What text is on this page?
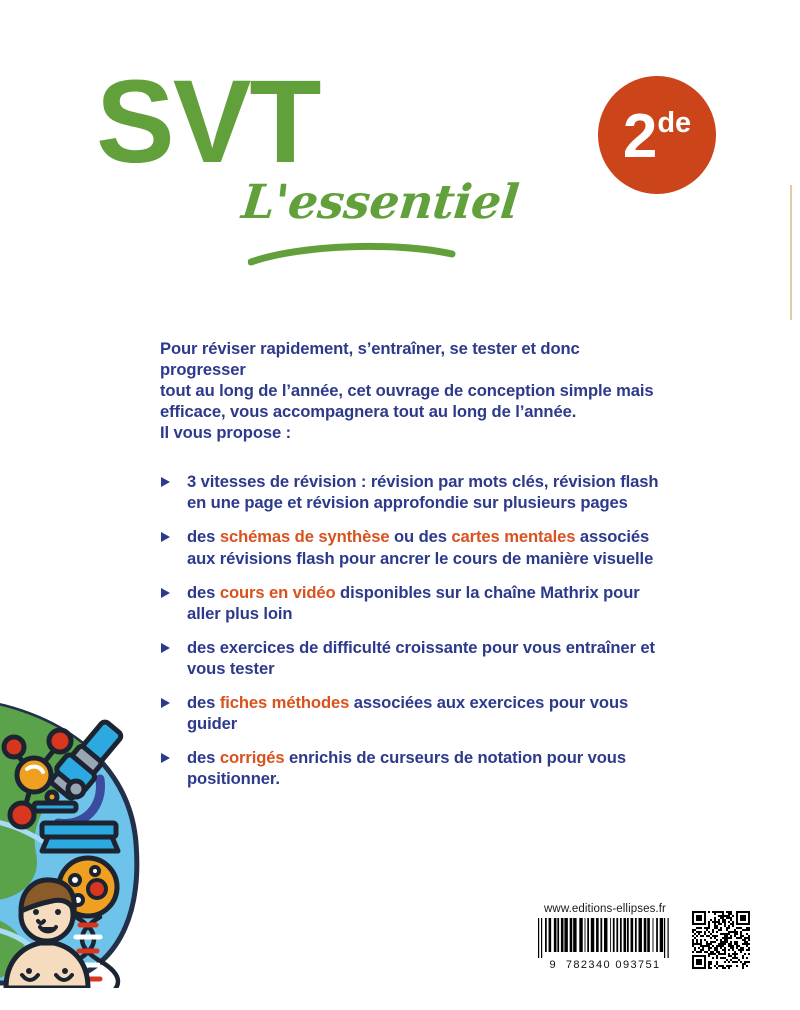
SVT
L'essentiel
2 de

Pour réviser rapidement, s’entraîner, se tester et donc progresser

tout au long de l’année, cet ouvrage de conception simple mais

efficace, vous accompagnera tout au long de l’année.

Il vous propose :

3 vitesses de révision : révision par mots clés, révision flash en une page et révision approfondie sur plusieurs pages
des schémas de synthèse ou des cartes mentales associés aux révisions flash pour ancrer le cours de manière visuelle
des cours en vidéo disponibles sur la chaîne Mathrix pour aller plus loin
des exercices de difficulté croissante pour vous entraîner et vous tester
des fiches méthodes associées aux exercices pour vous guider
des corrigés enrichis de curseurs de notation pour vous positionner.
www.editions-ellipses.fr
9  782340 093751
